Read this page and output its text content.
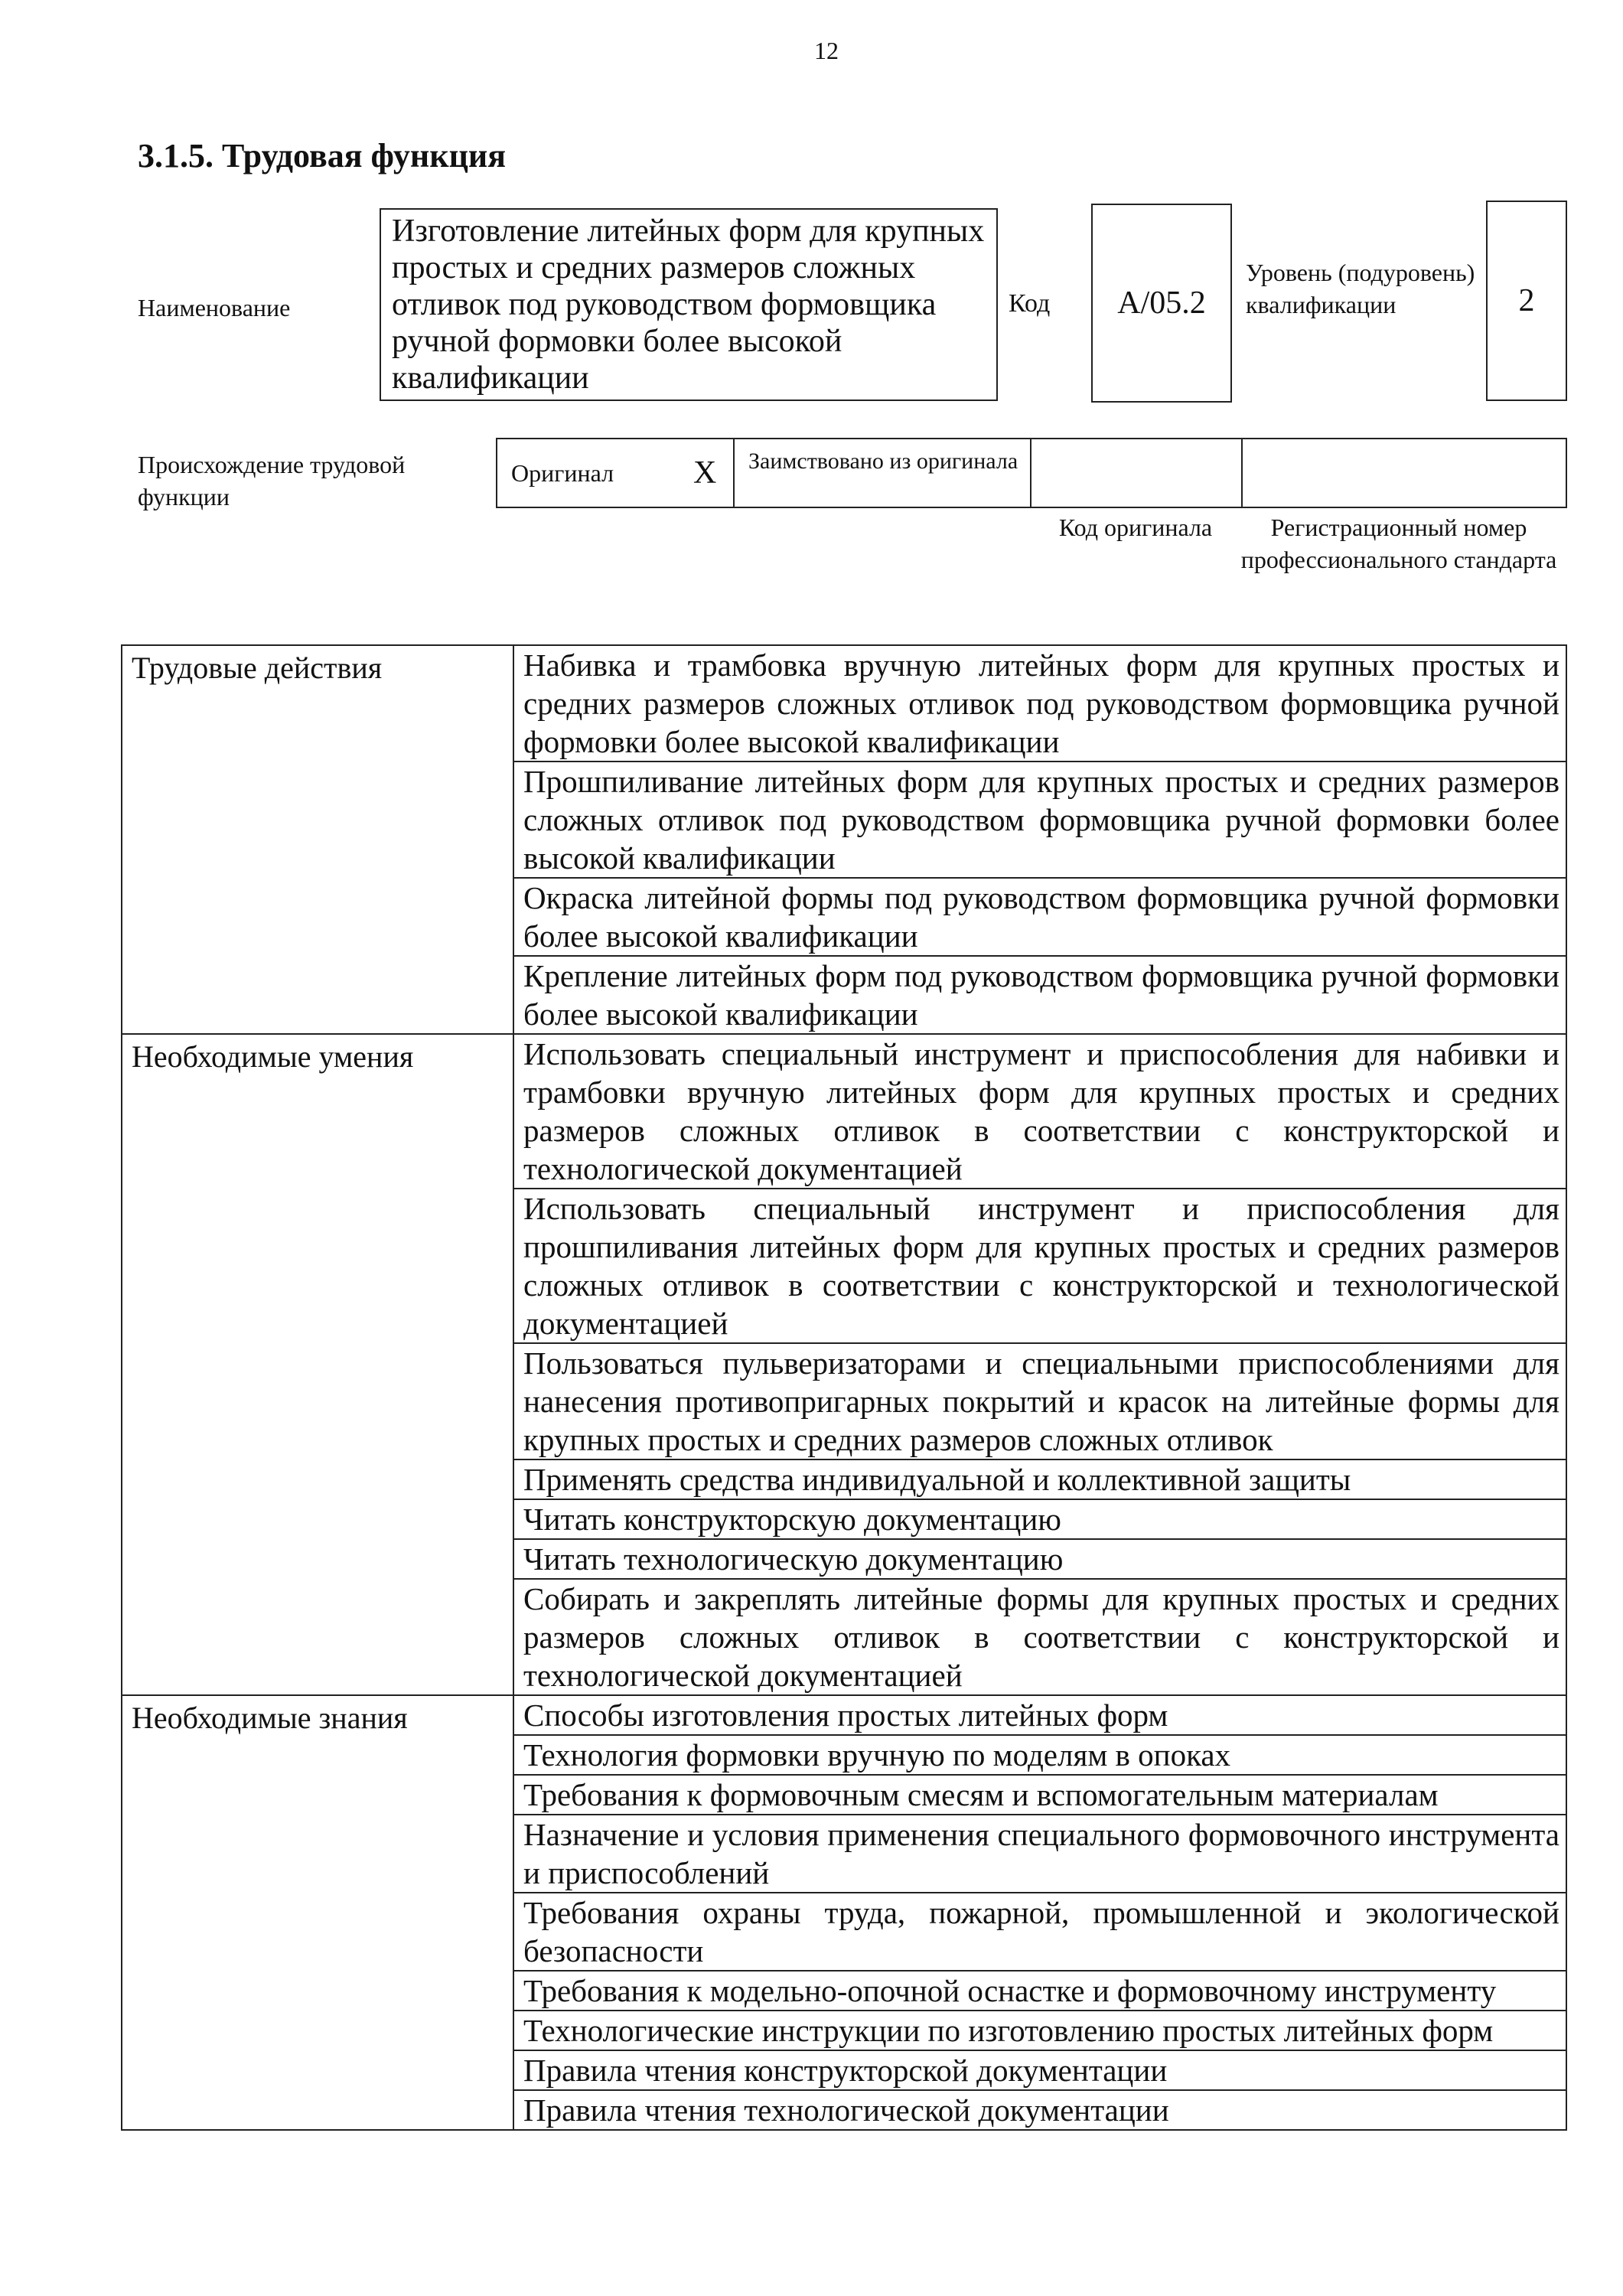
12
3.1.5. Трудовая функция
Наименование
Изготовление литейных форм для крупных простых и средних размеров сложных отливок под руководством формовщика ручной формовки более высокой квалификации
Код	А/05.2
Уровень (подуровень) квалификации	2
Происхождение трудовой функции
Оригинал X	Заимствовано из оригинала
Код оригинала	Регистрационный номер профессионального стандарта
Трудовые действия	Набивка и трамбовка вручную литейных форм для крупных простых и средних размеров сложных отливок под руководством формовщика ручной формовки более высокой квалификации
	Прошпиливание литейных форм для крупных простых и средних размеров сложных отливок под руководством формовщика ручной формовки более высокой квалификации
	Окраска литейной формы под руководством формовщика ручной формовки более высокой квалификации
	Крепление литейных форм под руководством формовщика ручной формовки более высокой квалификации
Необходимые умения	Использовать специальный инструмент и приспособления для набивки и трамбовки вручную литейных форм для крупных простых и средних размеров сложных отливок в соответствии с конструкторской и технологической документацией
	Использовать специальный инструмент и приспособления для прошпиливания литейных форм для крупных простых и средних размеров сложных отливок в соответствии с конструкторской и технологической документацией
	Пользоваться пульверизаторами и специальными приспособлениями для нанесения противопригарных покрытий и красок на литейные формы для крупных простых и средних размеров сложных отливок
	Применять средства индивидуальной и коллективной защиты
	Читать конструкторскую документацию
	Читать технологическую документацию
	Собирать и закреплять литейные формы для крупных простых и средних размеров сложных отливок в соответствии с конструкторской и технологической документацией
Необходимые знания	Способы изготовления простых литейных форм
	Технология формовки вручную по моделям в опоках
	Требования к формовочным смесям и вспомогательным материалам
	Назначение и условия применения специального формовочного инструмента и приспособлений
	Требования охраны труда, пожарной, промышленной и экологической безопасности
	Требования к модельно-опочной оснастке и формовочному инструменту
	Технологические инструкции по изготовлению простых литейных форм
	Правила чтения конструкторской документации
	Правила чтения технологической документации
